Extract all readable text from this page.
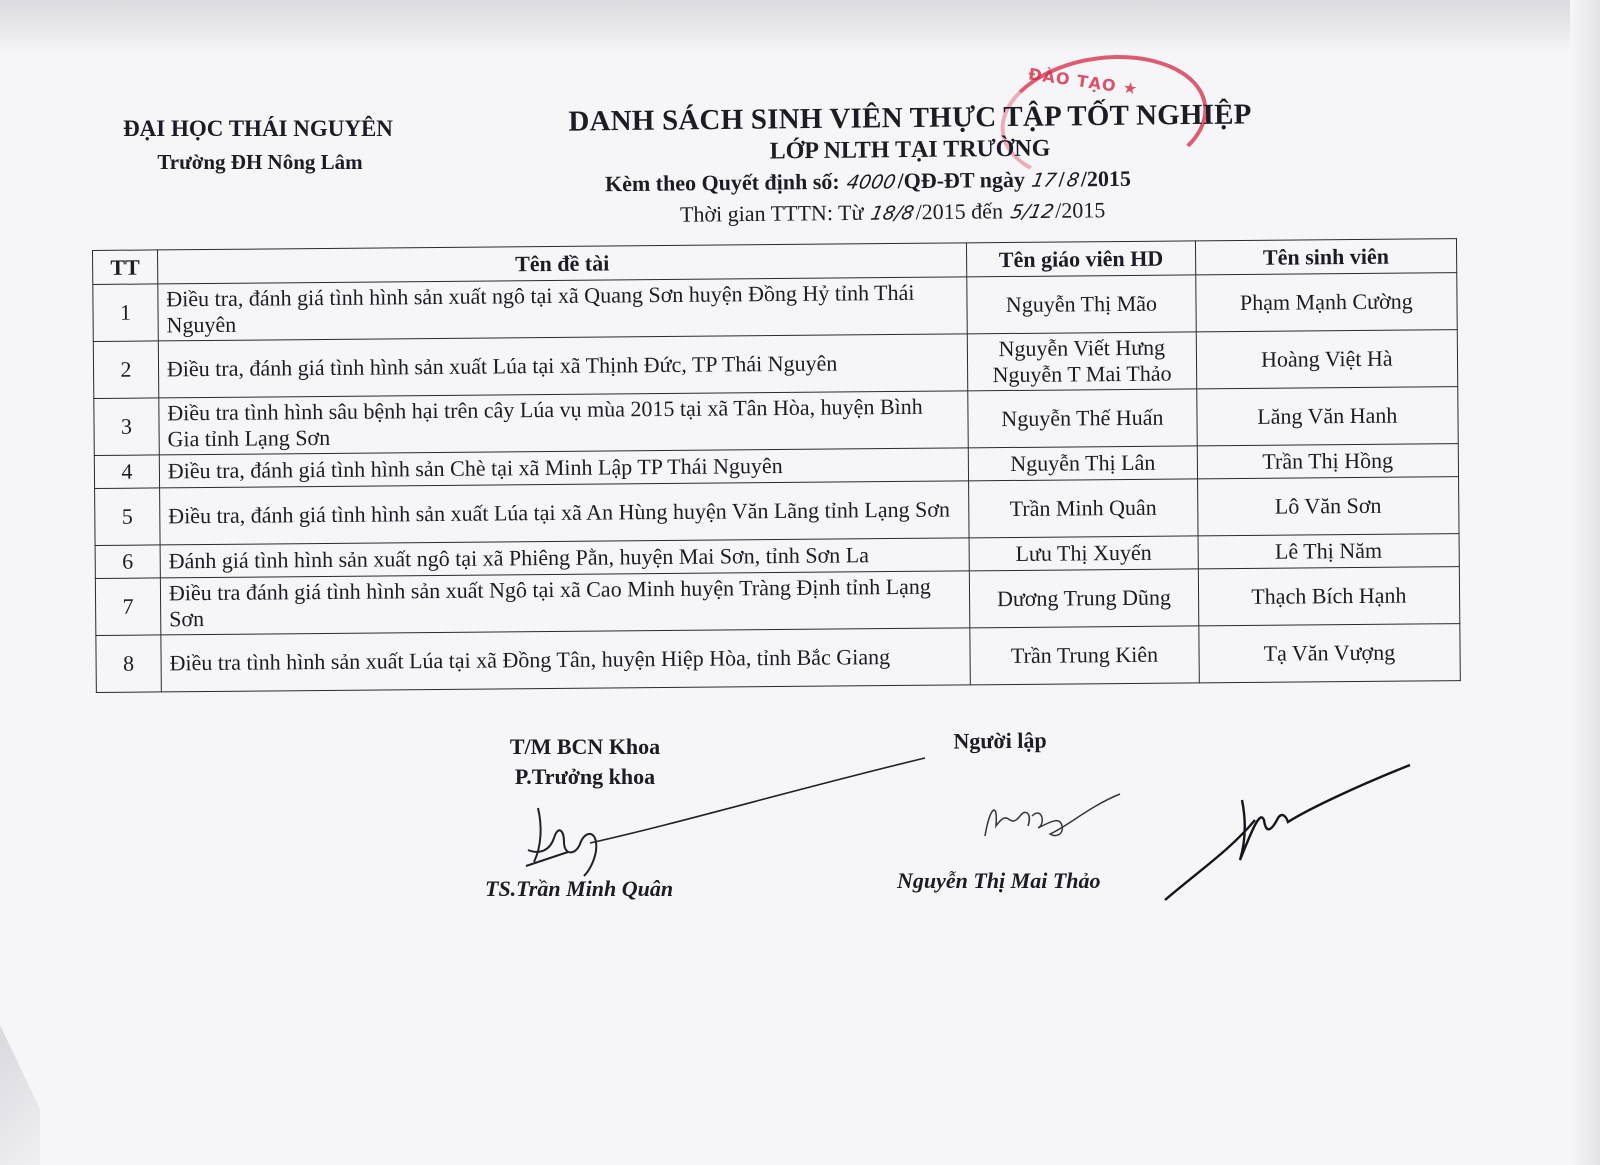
ĐẠI HỌC THÁI NGUYÊN
Trường ĐH Nông Lâm
ĐÀO TẠO ★
DANH SÁCH SINH VIÊN THỰC TẬP TỐT NGHIỆP
LỚP NLTH TẠI TRƯỜNG
Kèm theo Quyết định số: 4000/QĐ-ĐT ngày 17/8/2015
Thời gian TTTN: Từ 18/8/2015 đến 5/12/2015
TT	Tên đề tài	Tên giáo viên HD	Tên sinh viên
1	Điều tra, đánh giá tình hình sản xuất ngô tại xã Quang Sơn huyện Đồng Hỷ tỉnh Thái Nguyên	Nguyễn Thị Mão	Phạm Mạnh Cường
2	Điều tra, đánh giá tình hình sản xuất Lúa tại xã Thịnh Đức, TP Thái Nguyên	Nguyễn Viết Hưng Nguyễn T Mai Thảo	Hoàng Việt Hà
3	Điều tra tình hình sâu bệnh hại trên cây Lúa vụ mùa 2015 tại xã Tân Hòa, huyện Bình Gia tỉnh Lạng Sơn	Nguyễn Thế Huấn	Lăng Văn Hanh
4	Điều tra, đánh giá tình hình sản Chè tại xã Minh Lập TP Thái Nguyên	Nguyễn Thị Lân	Trần Thị Hồng
5	Điều tra, đánh giá tình hình sản xuất Lúa tại xã An Hùng huyện Văn Lãng tỉnh Lạng Sơn	Trần Minh Quân	Lô Văn Sơn
6	Đánh giá tình hình sản xuất ngô tại xã Phiêng Pằn, huyện Mai Sơn, tỉnh Sơn La	Lưu Thị Xuyến	Lê Thị Năm
7	Điều tra đánh giá tình hình sản xuất Ngô tại xã Cao Minh huyện Tràng Định tỉnh Lạng Sơn	Dương Trung Dũng	Thạch Bích Hạnh
8	Điều tra tình hình sản xuất Lúa tại xã Đồng Tân, huyện Hiệp Hòa, tỉnh Bắc Giang	Trần Trung Kiên	Tạ Văn Vượng
T/M BCN Khoa
P.Trưởng khoa
Người lập
TS.Trần Minh Quân	Nguyễn Thị Mai Thảo
